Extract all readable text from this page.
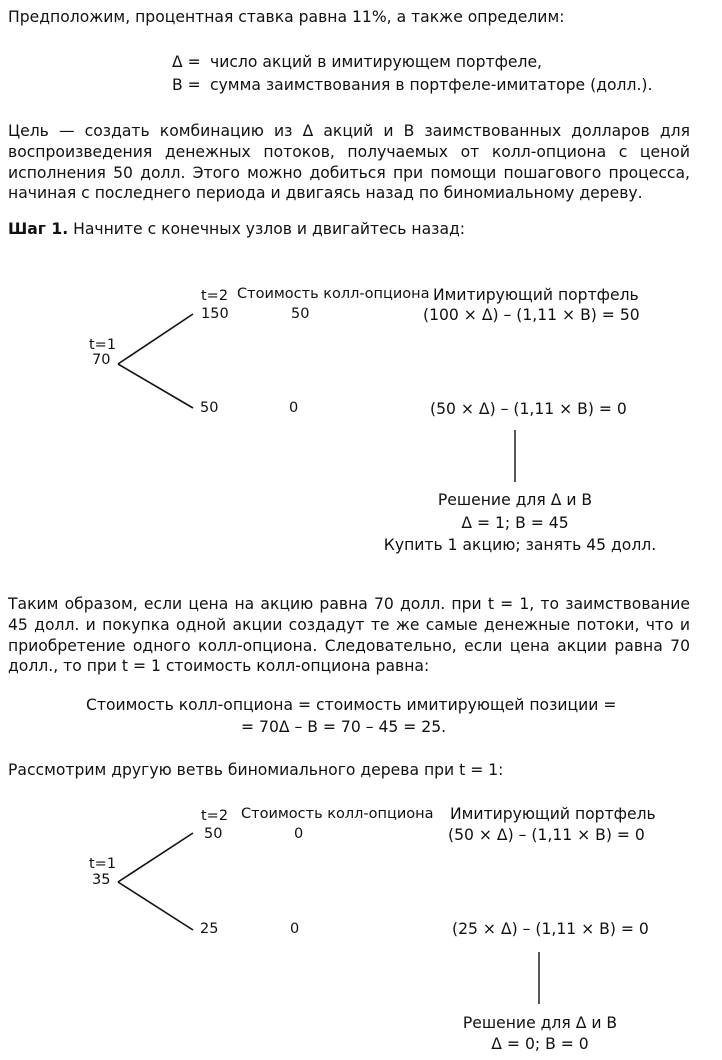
Предположим, процентная ставка равна 11%, а также определим:
Δ = число акций в имитирующем портфеле,
B = сумма заимствования в портфеле-имитаторе (долл.).
Цель — создать комбинацию из Δ акций и В заимствованных долларов для воспроизведения денежных потоков, получаемых от колл-опциона с ценой исполнения 50 долл. Этого можно добиться при помощи пошагового процесса, начиная с последнего периода и двигаясь назад по биномиальному дереву.
Шаг 1. Начните с конечных узлов и двигайтесь назад:
t=2 Стоимость колл-опциона Имитирующий портфель
t=1
70
150	50	(100 × Δ) – (1,11 × B) = 50
50	0	(50 × Δ) – (1,11 × B) = 0
Решение для Δ и B
Δ = 1; B = 45
Купить 1 акцию; занять 45 долл.
Таким образом, если цена на акцию равна 70 долл. при t = 1, то заимствование 45 долл. и покупка одной акции создадут те же самые денежные потоки, что и приобретение одного колл-опциона. Следовательно, если цена акции равна 70 долл., то при t = 1 стоимость колл-опциона равна:
Стоимость колл-опциона = стоимость имитирующей позиции =
= 70Δ – B = 70 – 45 = 25.
Рассмотрим другую ветвь биномиального дерева при t = 1:
t=2 Стоимость колл-опциона Имитирующий портфель
t=1
35
50	0	(50 × Δ) – (1,11 × B) = 0
25	0	(25 × Δ) – (1,11 × B) = 0
Решение для Δ и B
Δ = 0; B = 0
